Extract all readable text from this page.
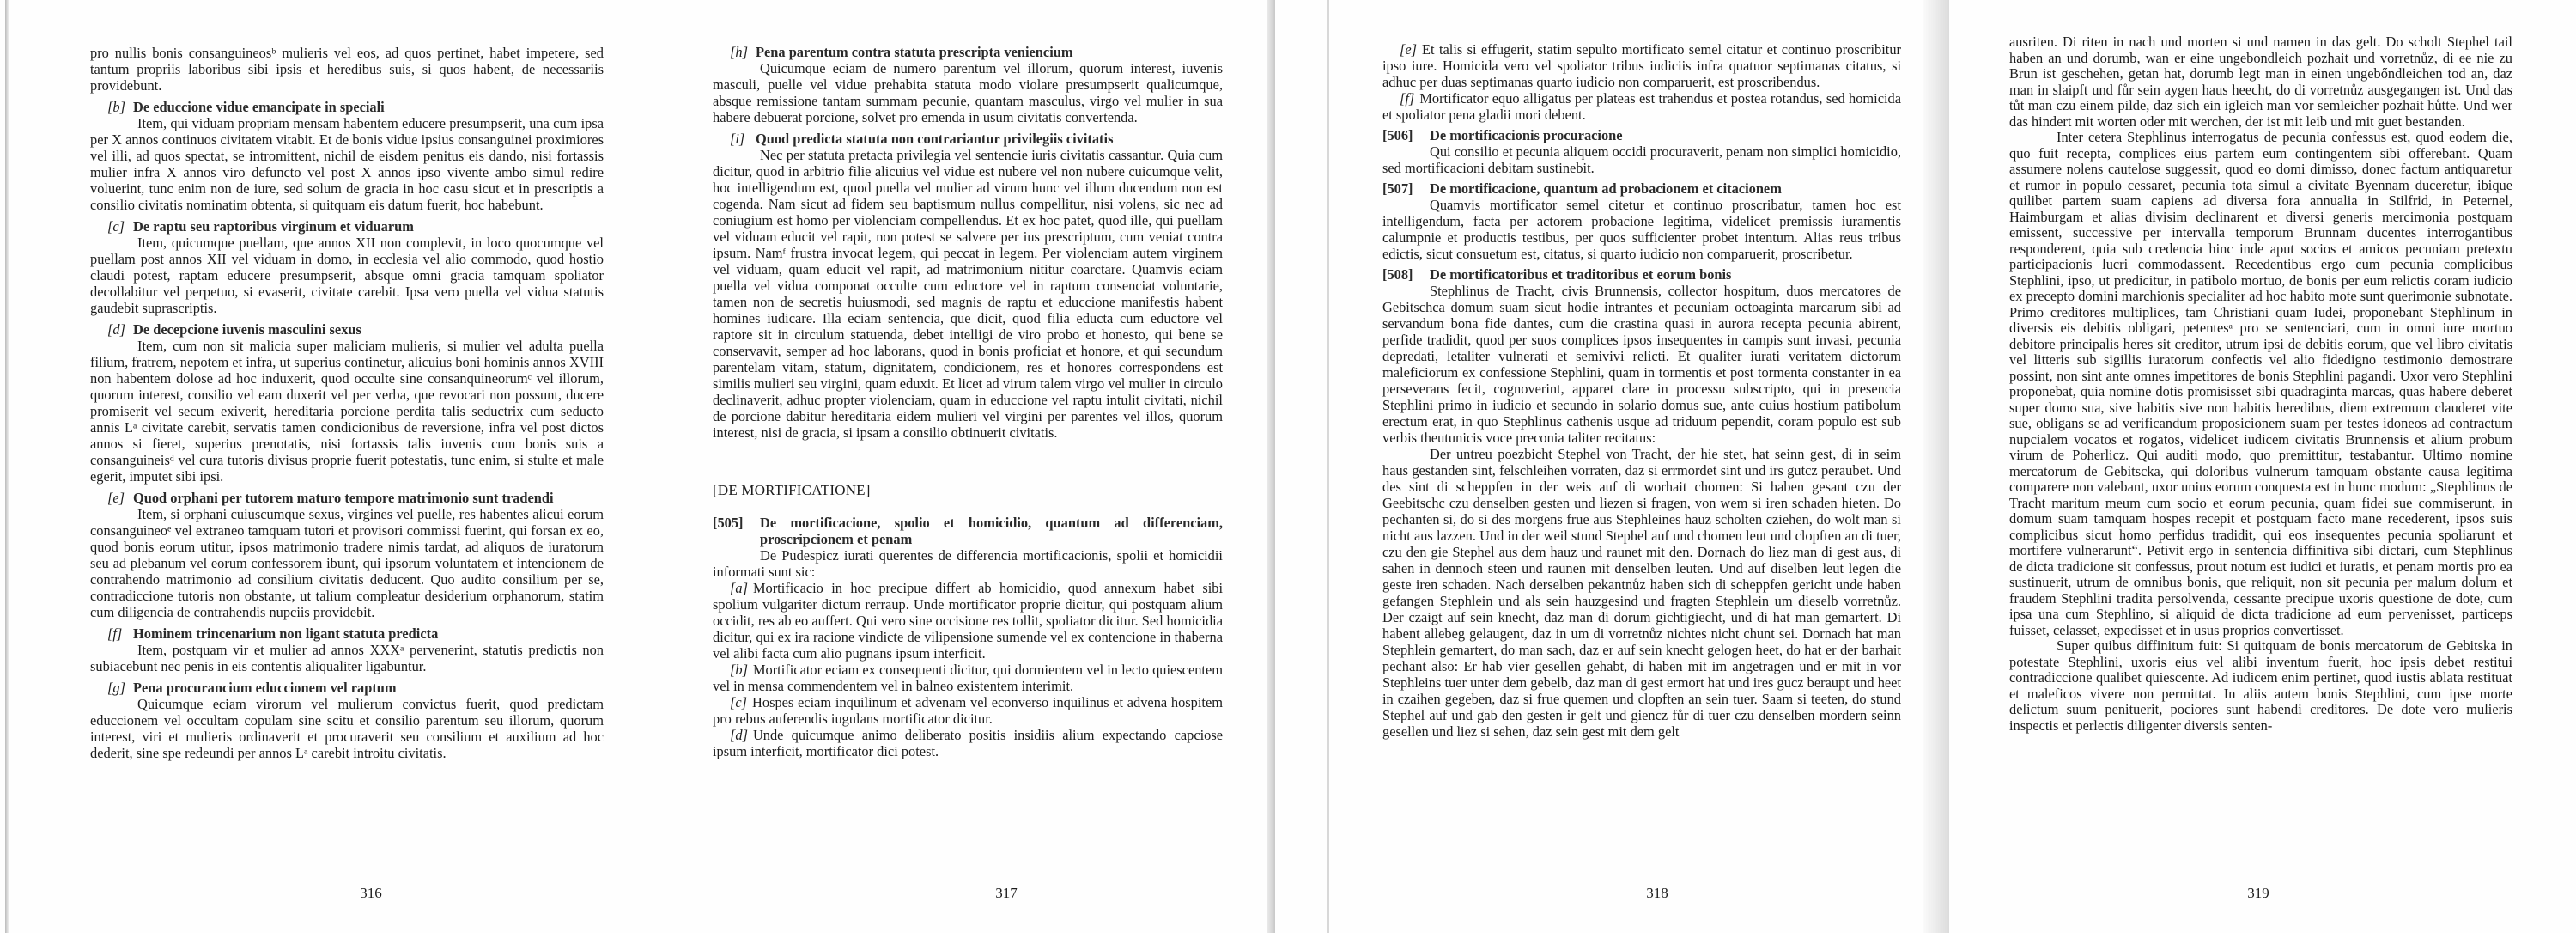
pro nullis bonis consanguineosᵇ mulieris vel eos, ad quos pertinet, habet impetere, sed tantum propriis laboribus sibi ipsis et heredibus suis, si quos habent, de necessariis providebunt.

[b] De educcione vidue emancipate in speciali

Item, qui viduam propriam mensam habentem educere presumpserit, una cum ipsa per X annos continuos civitatem vitabit. Et de bonis vidue ipsius consanguinei proximiores vel illi, ad quos spectat, se intromittent, nichil de eisdem penitus eis dando, nisi fortassis mulier infra X annos viro defuncto vel post X annos ipso vivente ambo simul redire voluerint, tunc enim non de iure, sed solum de gracia in hoc casu sicut et in prescriptis a consilio civitatis nominatim obtenta, si quitquam eis datum fuerit, hoc habebunt.

[c] De raptu seu raptoribus virginum et viduarum

Item, quicumque puellam, que annos XII non complevit, in loco quocumque vel puellam post annos XII vel viduam in domo, in ecclesia vel alio commodo, quod hostio claudi potest, raptam educere presumpserit, absque omni gracia tamquam spoliator decollabitur vel perpetuo, si evaserit, civitate carebit. Ipsa vero puella vel vidua statutis gaudebit suprascriptis.

[d] De decepcione iuvenis masculini sexus

Item, cum non sit malicia super maliciam mulieris, si mulier vel adulta puella filium, fratrem, nepotem et infra, ut superius continetur, alicuius boni hominis annos XVIII non habentem dolose ad hoc induxerit, quod occulte sine consanquineorumᶜ vel illorum, quorum interest, consilio vel eam duxerit vel per verba, que revocari non possunt, ducere promiserit vel secum exiverit, hereditaria porcione perdita talis seductrix cum seducto annis Lᵃ civitate carebit, servatis tamen condicionibus de reversione, infra vel post dictos annos si fieret, superius prenotatis, nisi fortassis talis iuvenis cum bonis suis a consanguineisᵈ vel cura tutoris divisus proprie fuerit potestatis, tunc enim, si stulte et male egerit, imputet sibi ipsi.

[e] Quod orphani per tutorem maturo tempore matrimonio sunt tradendi

Item, si orphani cuiuscumque sexus, virgines vel puelle, res habentes alicui eorum consanguineoᵉ vel extraneo tamquam tutori et provisori commissi fuerint, qui forsan ex eo, quod bonis eorum utitur, ipsos matrimonio tradere nimis tardat, ad aliquos de iuratorum seu ad plebanum vel eorum confessorem ibunt, qui ipsorum voluntatem et intencionem de contrahendo matrimonio ad consilium civitatis deducent. Quo audito consilium per se, contradiccione tutoris non obstante, ut talium compleatur desiderium orphanorum, statim cum diligencia de contrahendis nupciis providebit.

[f] Hominem trincenarium non ligant statuta predicta

Item, postquam vir et mulier ad annos XXXᵃ pervenerint, statutis predictis non subiacebunt nec penis in eis contentis aliqualiter ligabuntur.

[g] Pena procurancium educcionem vel raptum

Quicumque eciam virorum vel mulierum convictus fuerit, quod predictam educcionem vel occultam copulam sine scitu et consilio parentum seu illorum, quorum interest, viri et mulieris ordinaverit et procuraverit seu consilium et auxilium ad hoc dederit, sine spe redeundi per annos Lᵃ carebit introitu civitatis.

316
[h] Pena parentum contra statuta prescripta veniencium

Quicumque eciam de numero parentum vel illorum, quorum interest, iuvenis masculi, puelle vel vidue prehabita statuta modo violare presumpserit qualicumque, absque remissione tantam summam pecunie, quantam masculus, virgo vel mulier in sua habere debuerat porcione, solvet pro emenda in usum civitatis convertenda.

[i] Quod predicta statuta non contrariantur privilegiis civitatis

Nec per statuta pretacta privilegia vel sentencie iuris civitatis cassantur. Quia cum dicitur, quod in arbitrio filie alicuius vel vidue est nubere vel non nubere cuicumque velit, hoc intelligendum est, quod puella vel mulier ad virum hunc vel illum ducendum non est cogenda. Nam sicut ad fidem seu baptismum nullus compellitur, nisi volens, sic nec ad coniugium est homo per violenciam compellendus. Et ex hoc patet, quod ille, qui puellam vel viduam educit vel rapit, non potest se salvere per ius prescriptum, cum veniat contra ipsum. Namᶠ frustra invocat legem, qui peccat in legem. Per violenciam autem virginem vel viduam, quam educit vel rapit, ad matrimonium nititur coarctare. Quamvis eciam puella vel vidua componat occulte cum eductore vel in raptum consenciat voluntarie, tamen non de secretis huiusmodi, sed magnis de raptu et educcione manifestis habent homines iudicare. Illa eciam sentencia, que dicit, quod filia educta cum eductore vel raptore sit in circulum statuenda, debet intelligi de viro probo et honesto, qui bene se conservavit, semper ad hoc laborans, quod in bonis proficiat et honore, et qui secundum parentelam vitam, statum, dignitatem, condicionem, res et honores correspondens est similis mulieri seu virgini, quam eduxit. Et licet ad virum talem virgo vel mulier in circulo declinaverit, adhuc propter violenciam, quam in educcione vel raptu intulit civitati, nichil de porcione dabitur hereditaria eidem mulieri vel virgini per parentes vel illos, quorum interest, nisi de gracia, si ipsam a consilio obtinuerit civitatis.

[DE MORTIFICATIONE]
[505]	De mortificacione, spolio et homicidio, quantum ad differenciam, proscripcionem et penam

De Pudespicz iurati querentes de differencia mortificacionis, spolii et homicidii informati sunt sic:

[a] Mortificacio in hoc precipue differt ab homicidio, quod annexum habet sibi spolium vulgariter dictum rerraup. Unde mortificator proprie dicitur, qui postquam alium occidit, res ab eo auffert. Qui vero sine occisione res tollit, spoliator dicitur. Sed homicidia dicitur, qui ex ira racione vindicte de vilipensione sumende vel ex contencione in thaberna vel alibi facta cum alio pugnans ipsum interficit.

[b] Mortificator eciam ex consequenti dicitur, qui dormientem vel in lecto quiescentem vel in mensa commendentem vel in balneo existentem interimit.

[c] Hospes eciam inquilinum et advenam vel econverso inquilinus et advena hospitem pro rebus auferendis iugulans mortificator dicitur.

[d] Unde quicumque animo deliberato positis insidiis alium expectando capciose ipsum interficit, mortificator dici potest.

317

[e] Et talis si effugerit, statim sepulto mortificato semel citatur et continuo proscribitur ipso iure. Homicida vero vel spoliator tribus iudiciis infra quatuor septimanas citatus, si adhuc per duas septimanas quarto iudicio non comparuerit, est proscribendus.

[f] Mortificator equo alligatus per plateas est trahendus et postea rotandus, sed homicida et spoliator pena gladii mori debent.

[506]	De mortificacionis procuracione

Qui consilio et pecunia aliquem occidi procuraverit, penam non simplici homicidio, sed mortificacioni debitam sustinebit.

[507]	De mortificacione, quantum ad probacionem et citacionem

Quamvis mortificator semel citetur et continuo proscribatur, tamen hoc est intelligendum, facta per actorem probacione legitima, videlicet premissis iuramentis calumpnie et productis testibus, per quos sufficienter probet intentum. Alias reus tribus edictis, sicut consuetum est, citatus, si quarto iudicio non comparuerit, proscribetur.

[508]	De mortificatoribus et traditoribus et eorum bonis

Stephlinus de Tracht, civis Brunnensis, collector hospitum, duos mercatores de Gebitschca domum suam sicut hodie intrantes et pecuniam octoaginta marcarum sibi ad servandum bona fide dantes, cum die crastina quasi in aurora recepta pecunia abirent, perfide tradidit, quod per suos complices ipsos insequentes in campis sunt invasi, pecunia depredati, letaliter vulnerati et semivivi relicti. Et qualiter iurati veritatem dictorum maleficiorum ex confessione Stephlini, quam in tormentis et post tormenta constanter in ea perseverans fecit, cognoverint, apparet clare in processu subscripto, qui in presencia Stephlini primo in iudicio et secundo in solario domus sue, ante cuius hostium patibolum erectum erat, in quo Stephlinus cathenis usque ad triduum pependit, coram populo est sub verbis theutunicis voce preconia taliter recitatus:

Der untreu poezbicht Stephel von Tracht, der hie stet, hat seinn gest, di in seim haus gestanden sint, felschleihen vorraten, daz si errmordet sint und irs gutcz peraubet. Und des sint di scheppfen in der weis auf di worhait chomen: Si haben gesant czu der Geebitschc czu denselben gesten und liezen si fragen, von wem si iren schaden hieten. Do pechanten si, do si des morgens frue aus Stephleines hauz scholten cziehen, do wolt man si nicht aus lazzen. Und in der weil stund Stephel auf und chomen leut und clopften an di tuer, czu den gie Stephel aus dem hauz und raunet mit den. Dornach do liez man di gest aus, di sahen in dennoch steen und raunen mit denselben leuten. Und auf diselben leut legen die geste iren schaden. Nach derselben pekantnůz haben sich di scheppfen gericht unde haben gefangen Stephlein und als sein hauzgesind und fragten Stephlein um dieselb vorretnůz. Der czaigt auf sein knecht, daz man di dorum gichtigiecht, und di hat man gemartert. Di habent allebeg gelaugent, daz in um di vorretnůz nichtes nicht chunt sei. Dornach hat man Stephlein gemartert, do man sach, daz er auf sein knecht gelogen heet, do hat er der barhait pechant also: Er hab vier gesellen gehabt, di haben mit im angetragen und er mit in vor Stephleins tuer unter dem gebelb, daz man di gest ermort hat und ires gucz beraupt und heet in czaihen gegeben, daz si frue quemen und clopften an sein tuer. Saam si teeten, do stund Stephel auf und gab den gesten ir gelt und giencz fůr di tuer czu denselben mordern seinn gesellen und liez si sehen, daz sein gest mit dem gelt

318

ausriten. Di riten in nach und morten si und namen in das gelt. Do scholt Stephel tail haben an und dorumb, wan er eine ungebondleich pozhait und vorretnůz, di ee nie zu Brun ist geschehen, getan hat, dorumb legt man in einen ungebőndleichen tod an, daz man in slaipft und fůr sein aygen haus heecht, do di vorretnůz ausgegangen ist. Und das tůt man czu einem pilde, daz sich ein igleich man vor semleicher pozhait hůtte. Und wer das hindert mit worten oder mit werchen, der ist mit leib und mit guet bestanden.

Inter cetera Stephlinus interrogatus de pecunia confessus est, quod eodem die, quo fuit recepta, complices eius partem eum contingentem sibi offerebant. Quam assumere nolens cautelose suggessit, quod eo domi dimisso, donec factum antiquaretur et rumor in populo cessaret, pecunia tota simul a civitate Byennam duceretur, ibique quilibet partem suam capiens ad diversa fora annualia in Stilfrid, in Peternel, Haimburgam et alias divisim declinarent et diversi generis mercimonia postquam emissent, successive per intervalla temporum Brunnam ducentes interrogantibus responderent, quia sub credencia hinc inde aput socios et amicos pecuniam pretextu participacionis lucri commodassent. Recedentibus ergo cum pecunia complicibus Stephlini, ipso, ut predicitur, in patibolo mortuo, de bonis per eum relictis coram iudicio ex precepto domini marchionis specialiter ad hoc habito mote sunt querimonie subnotate. Primo creditores multiplices, tam Christiani quam Iudei, proponebant Stephlinum in diversis eis debitis obligari, petentesᵃ pro se sentenciari, cum in omni iure mortuo debitore principalis heres sit creditor, utrum ipsi de debitis eorum, que vel libro civitatis vel litteris sub sigillis iuratorum confectis vel alio fidedigno testimonio demostrare possint, non sint ante omnes impetitores de bonis Stephlini pagandi. Uxor vero Stephlini proponebat, quia nomine dotis promisisset sibi quadraginta marcas, quas habere deberet super domo sua, sive habitis sive non habitis heredibus, diem extremum clauderet vite sue, obligans se ad verificandum proposicionem suam per testes idoneos ad contractum nupcialem vocatos et rogatos, videlicet iudicem civitatis Brunnensis et alium probum virum de Poherlicz. Qui auditi modo, quo premittitur, testabantur. Ultimo nomine mercatorum de Gebitscka, qui doloribus vulnerum tamquam obstante causa legitima comparere non valebant, uxor unius eorum conquesta est in hunc modum: „Stephlinus de Tracht maritum meum cum socio et eorum pecunia, quam fidei sue commiserunt, in domum suam tamquam hospes recepit et postquam facto mane recederent, ipsos suis complicibus sicut homo perfidus tradidit, qui eos insequentes pecunia spoliarunt et mortifere vulnerarunt“. Petivit ergo in sentencia diffinitiva sibi dictari, cum Stephlinus de dicta tradicione sit confessus, prout notum est iudici et iuratis, et penam mortis pro ea sustinuerit, utrum de omnibus bonis, que reliquit, non sit pecunia per malum dolum et fraudem Stephlini tradita persolvenda, cessante precipue uxoris questione de dote, cum ipsa una cum Stephlino, si aliquid de dicta tradicione ad eum pervenisset, particeps fuisset, celasset, expedisset et in usus proprios convertisset.

Super quibus diffinitum fuit: Si quitquam de bonis mercatorum de Gebitska in potestate Stephlini, uxoris eius vel alibi inventum fuerit, hoc ipsis debet restitui contradiccione qualibet quiescente. Ad iudicem enim pertinet, quod iustis ablata restituat et maleficos vivere non permittat. In aliis autem bonis Stephlini, cum ipse morte delictum suum penituerit, pociores sunt habendi creditores. De dote vero mulieris inspectis et perlectis diligenter diversis senten-

319
